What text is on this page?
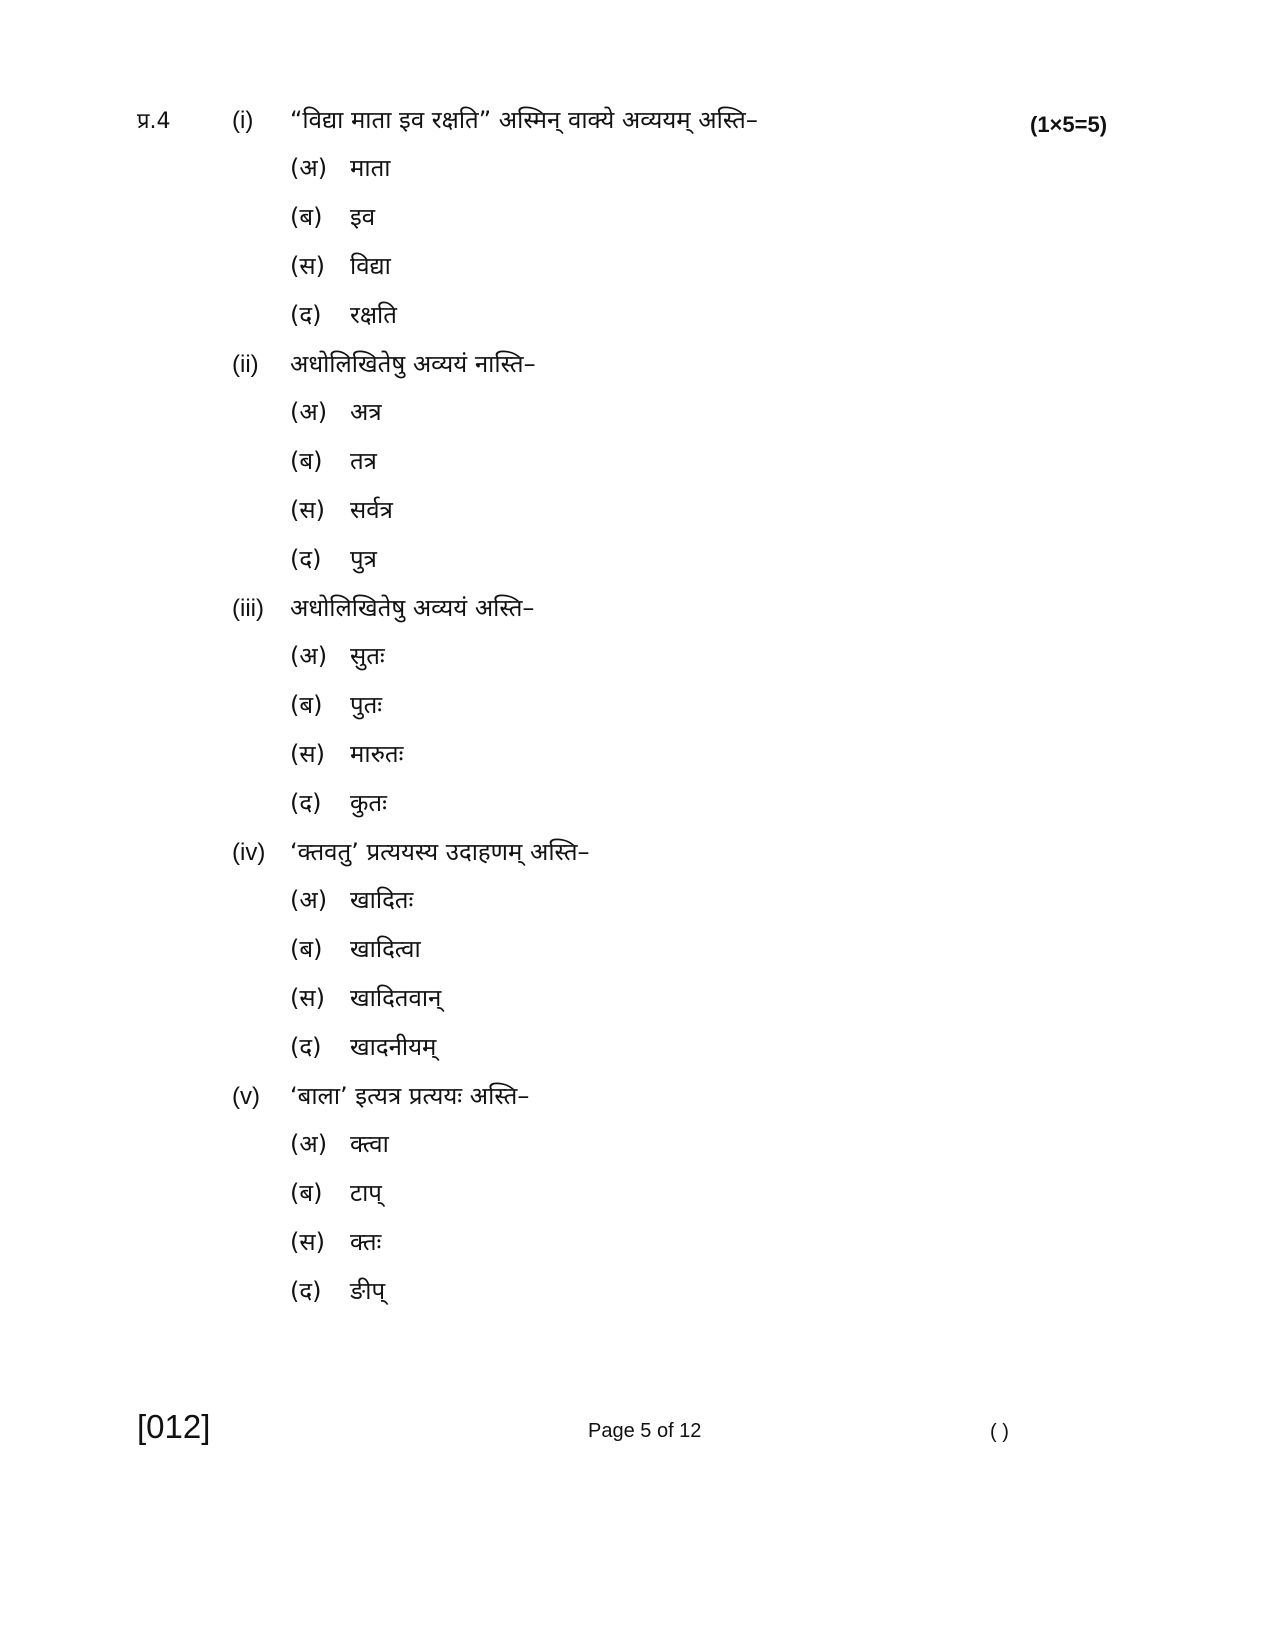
प्र.4	(1×5=5)
(i)	“विद्या माता इव रक्षति” अस्मिन् वाक्ये अव्ययम् अस्ति–
(अ) माता
(ब)	इव
(स)	विद्या
(द)	रक्षति
(ii)	अधोलिखितेषु अव्ययं नास्ति–
(अ) अत्र
(ब)	तत्र
(स)	सर्वत्र
(द)	पुत्र
(iii)	अधोलिखितेषु अव्ययं अस्ति–
(अ) सुतः
(ब)	पुतः
(स)	मारुतः
(द)	कुतः
(iv)	‘क्तवतु’ प्रत्ययस्य उदाहणम् अस्ति–
(अ) खादितः
(ब)	खादित्वा
(स)	खादितवान्
(द)	खादनीयम्
(v)	‘बाला’ इत्यत्र प्रत्ययः अस्ति–
(अ) क्त्वा
(ब)	टाप्
(स)	क्तः
(द)	ङीप्
[012]	Page 5 of 12	( )
